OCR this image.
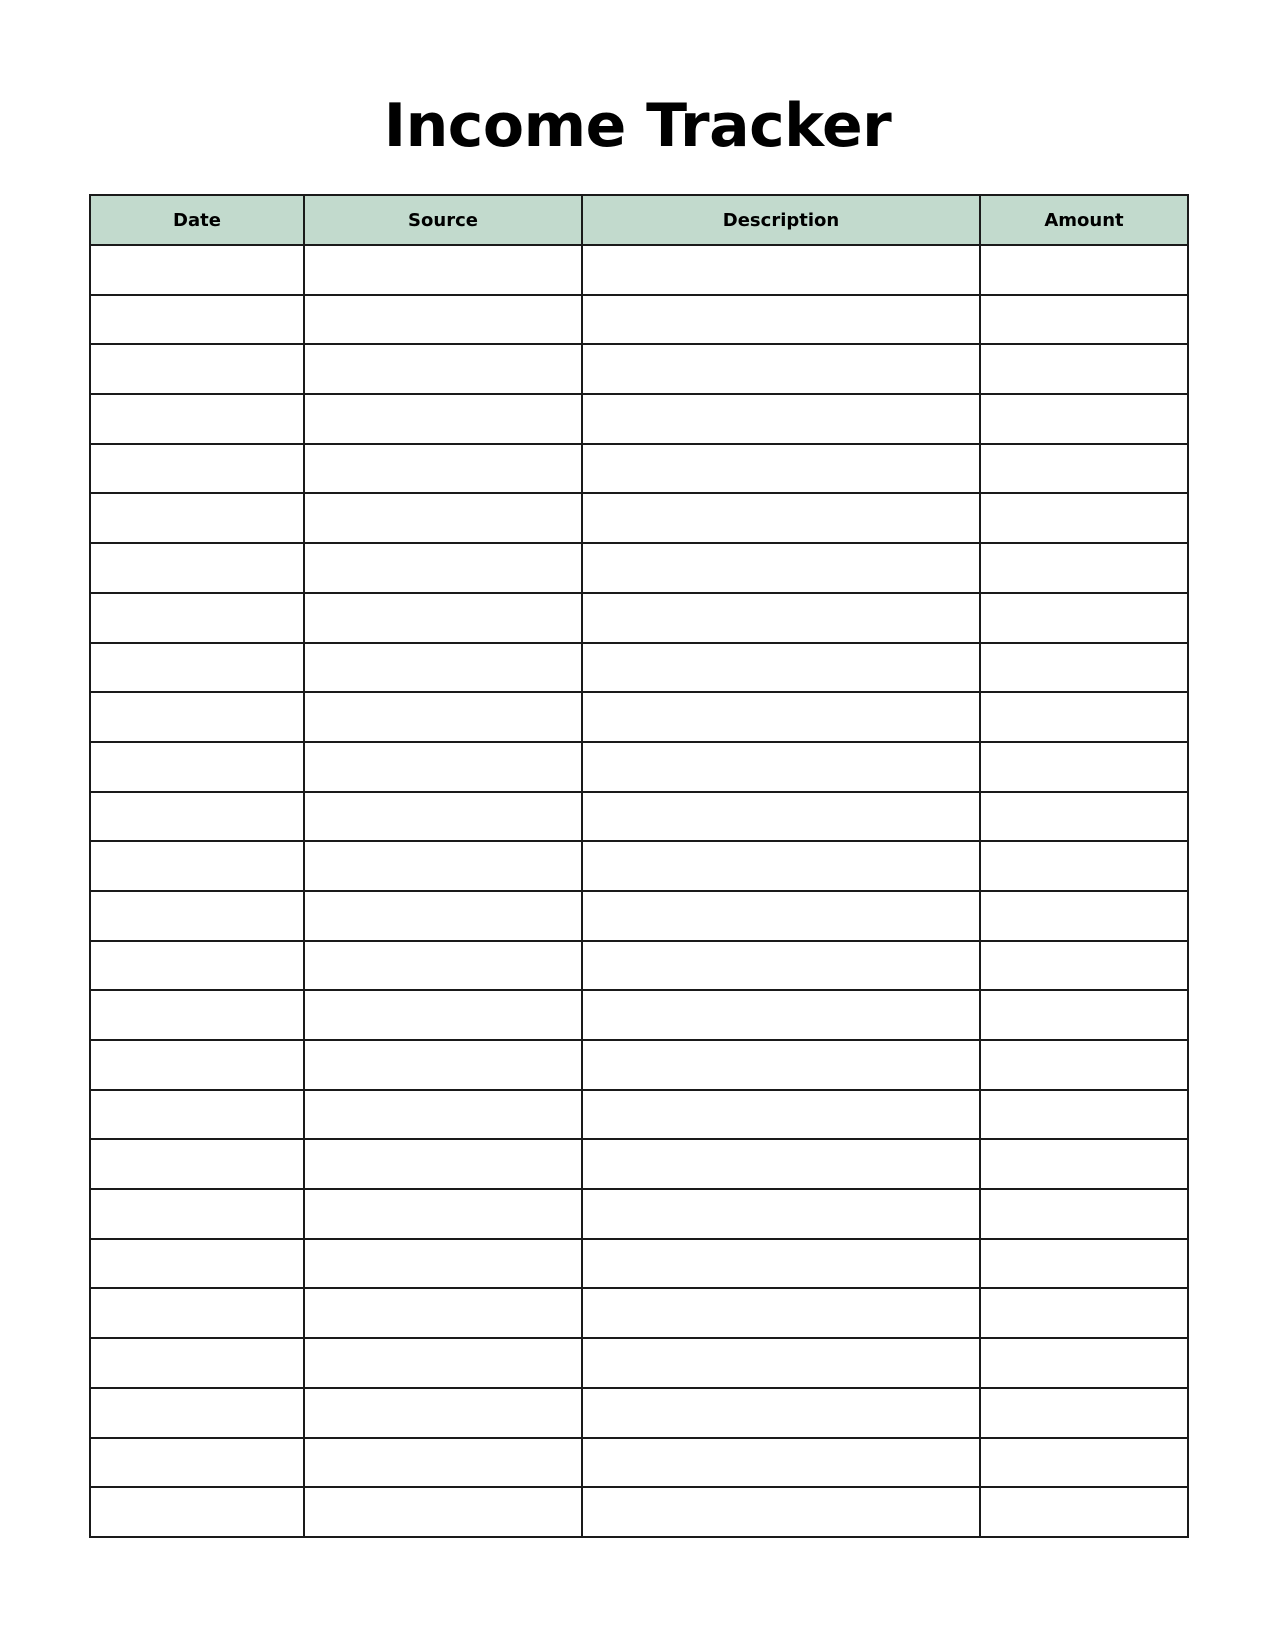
Income Tracker
Date	Source	Description	Amount
